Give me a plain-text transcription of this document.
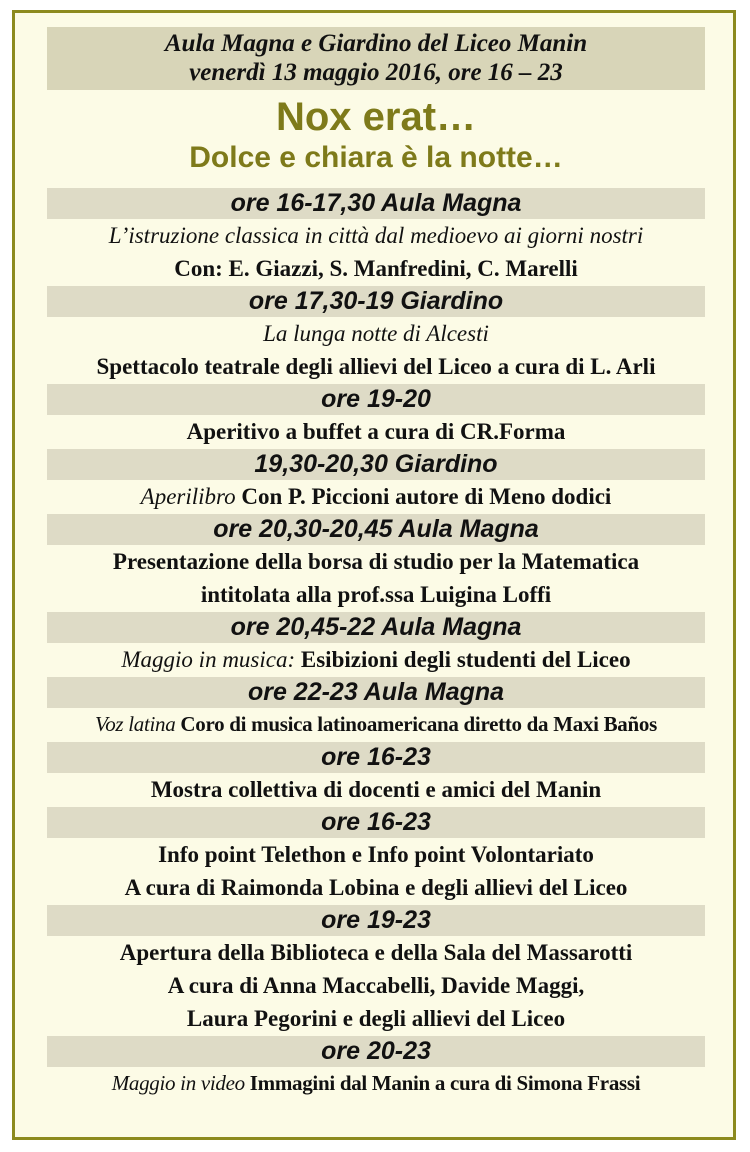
Aula Magna e Giardino del Liceo Manin
venerdì 13 maggio 2016, ore 16 – 23
Nox erat…
Dolce e chiara è la notte…
ore 16-17,30 Aula Magna
L’istruzione classica in città dal medioevo ai giorni nostri
Con: E. Giazzi, S. Manfredini, C. Marelli
ore 17,30-19 Giardino
La lunga notte di Alcesti
Spettacolo teatrale degli allievi del Liceo a cura di L. Arli
ore 19-20
Aperitivo a buffet a cura di CR.Forma
19,30-20,30 Giardino
Aperilibro Con P. Piccioni autore di Meno dodici
ore 20,30-20,45 Aula Magna
Presentazione della borsa di studio per la Matematica
intitolata alla prof.ssa Luigina Loffi
ore 20,45-22 Aula Magna
Maggio in musica: Esibizioni degli studenti del Liceo
ore 22-23 Aula Magna
Voz latina Coro di musica latinoamericana diretto da Maxi Baños
ore 16-23
Mostra collettiva di docenti e amici del Manin
ore 16-23
Info point Telethon e Info point Volontariato
A cura di Raimonda Lobina e degli allievi del Liceo
ore 19-23
Apertura della Biblioteca e della Sala del Massarotti
A cura di Anna Maccabelli, Davide Maggi,
Laura Pegorini e degli allievi del Liceo
ore 20-23
Maggio in video Immagini dal Manin a cura di Simona Frassi
